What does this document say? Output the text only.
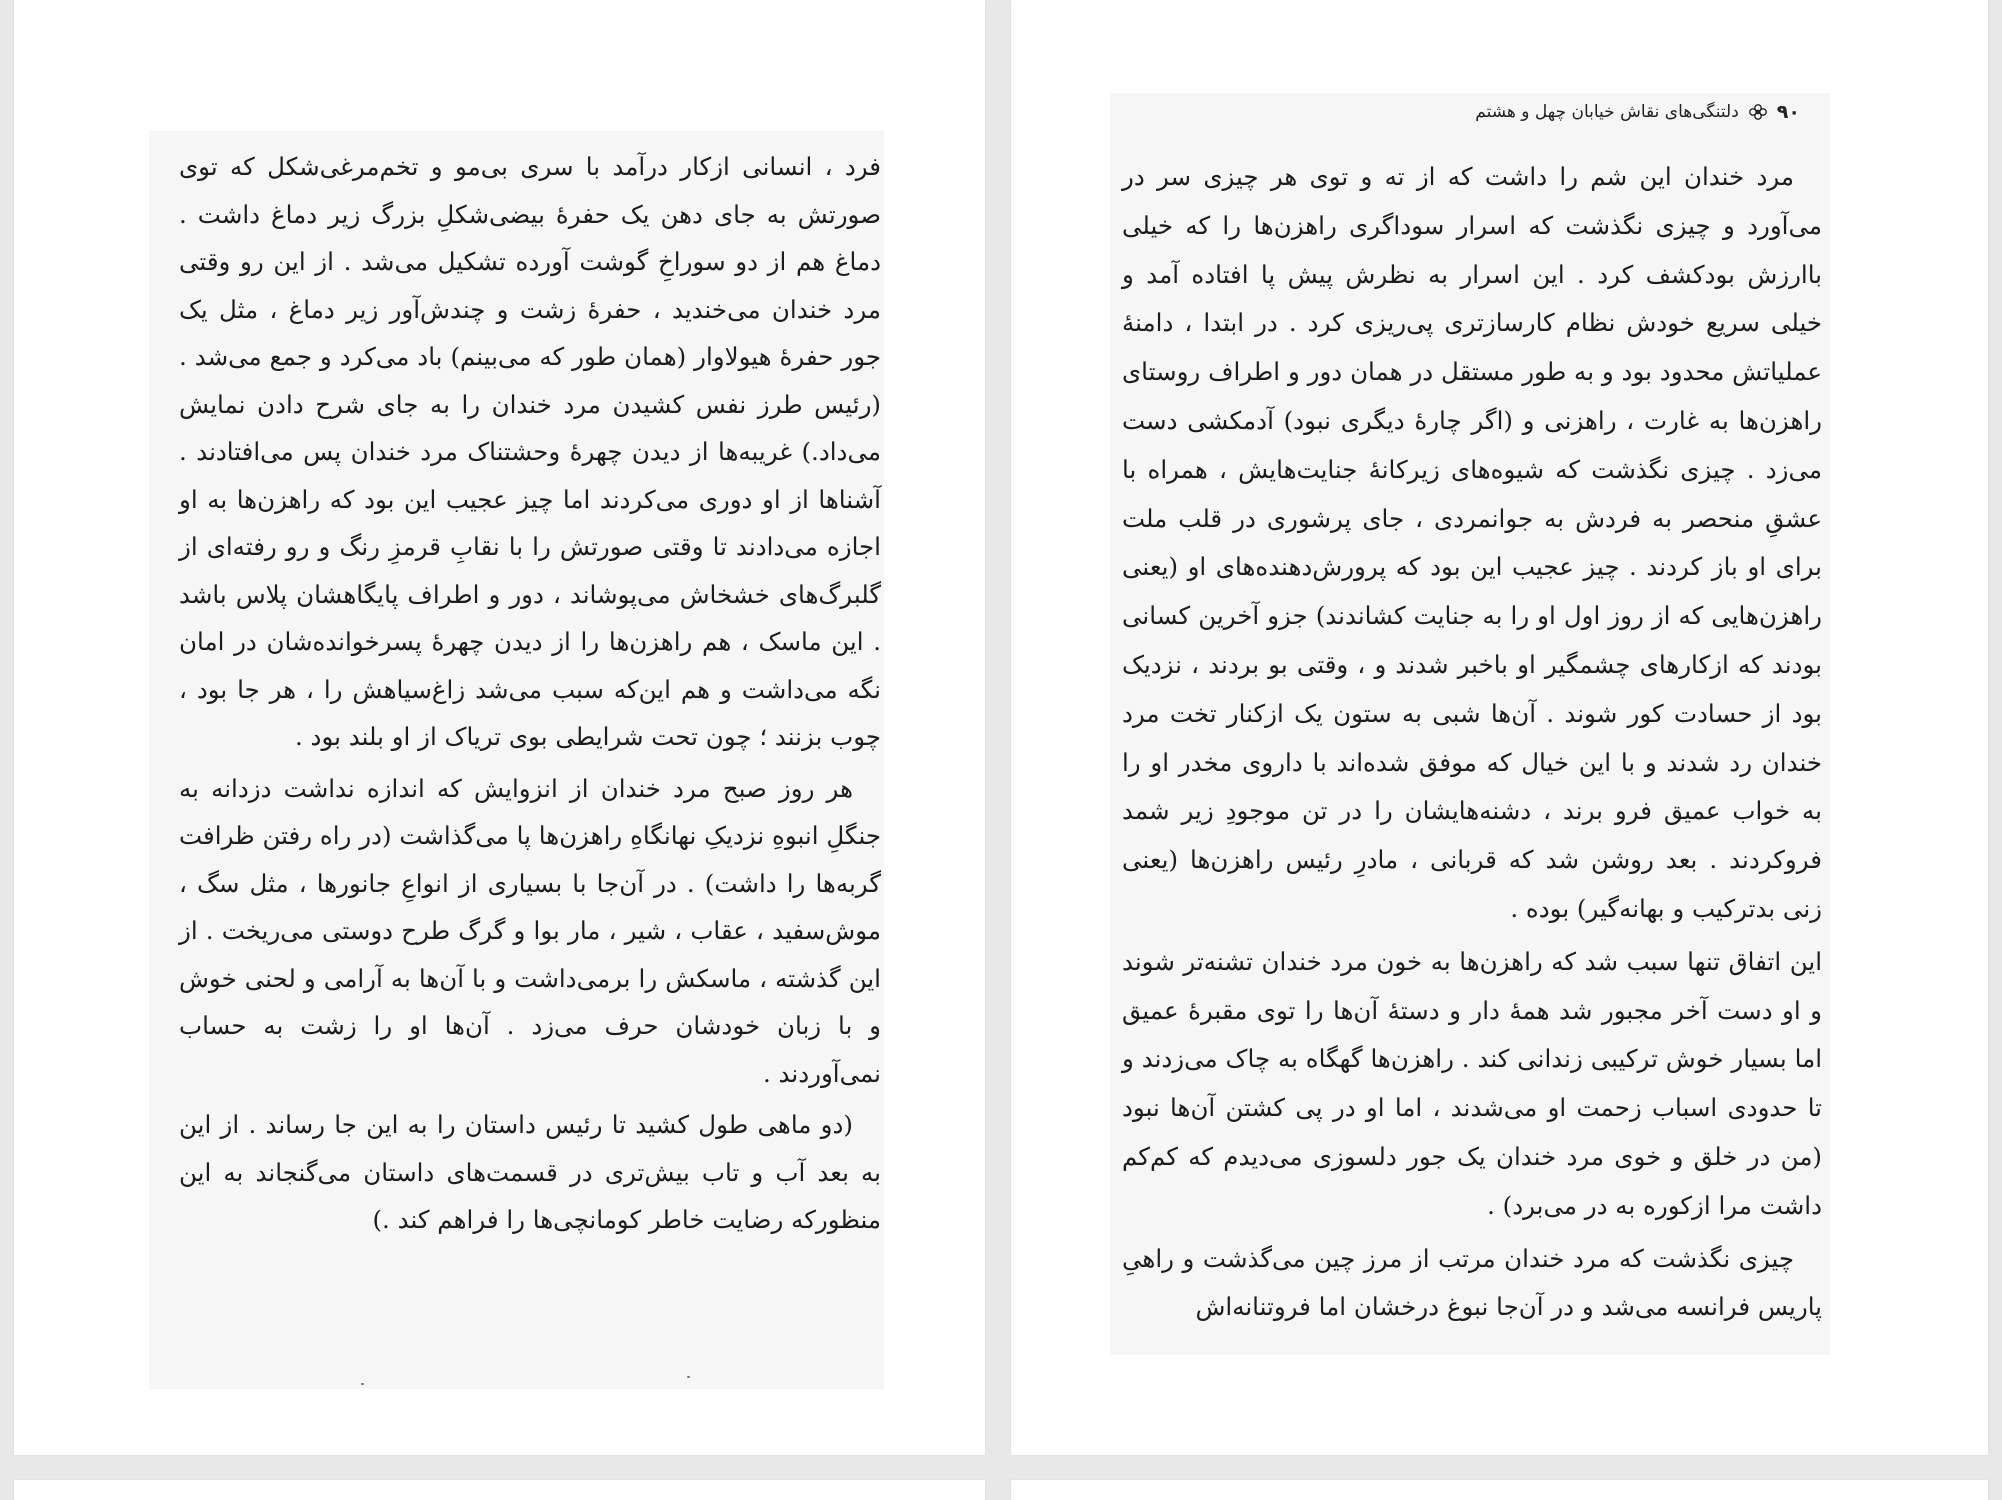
فرد ، انسانی ازکار درآمد با سری بی‌مو و تخم‌مرغی‌شکل که توی صورتش به جای دهن یک حفرهٔ بیضی‌شکلِ بزرگ زیر دماغ داشت . دماغ هم از دو سوراخِ گوشت آورده تشکیل می‌شد . از این رو وقتی مرد خندان می‌خندید ، حفرهٔ زشت و چندش‌آور زیر دماغ ، مثل یک جور حفرهٔ هیولاوار (همان طور که می‌بینم) باد می‌کرد و جمع می‌شد . (رئیس طرز نفس کشیدن مرد خندان را به جای شرح دادن نمایش می‌داد.) غریبه‌ها از دیدن چهرهٔ وحشتناک مرد خندان پس می‌افتادند . آشناها از او دوری می‌کردند اما چیز عجیب این بود که راهزن‌ها به او اجازه می‌دادند تا وقتی صورتش را با نقابِ قرمزِ رنگ و رو رفته‌ای از گلبرگ‌های خشخاش می‌پوشاند ، دور و اطراف پایگاهشان پلاس باشد . این ماسک ، هم راهزن‌ها را از دیدن چهرهٔ پسرخوانده‌شان در امان نگه می‌داشت و هم این‌که سبب می‌شد زاغ‌سیاهش را ، هر جا بود ، چوب بزنند ؛ چون تحت شرایطی بوی تریاک از او بلند بود .

هر روز صبح مرد خندان از انزوایش که اندازه نداشت دزدانه به جنگلِ انبوهِ نزدیکِ نهانگاهِ راهزن‌ها پا می‌گذاشت (در راه رفتن ظرافت گربه‌ها را داشت) . در آن‌جا با بسیاری از انواعِ جانورها ، مثل سگ ، موش‌سفید ، عقاب ، شیر ، مار بوا و گرگ طرح دوستی می‌ریخت . از این گذشته ، ماسکش را برمی‌داشت و با آن‌ها به آرامی و لحنی خوش و با زبان خودشان حرف می‌زد . آن‌ها او را زشت به حساب نمی‌آوردند .

(دو ماهی طول کشید تا رئیس داستان را به این جا رساند . از این به بعد آب و تاب بیش‌تری در قسمت‌های داستان می‌گنجاند به این منظورکه رضایت خاطر کومانچی‌ها را فراهم کند .)

۹۰
دلتنگی‌های نقاش خیابان چهل و هشتم

مرد خندان این شم را داشت که از ته و توی هر چیزی سر در می‌آورد و چیزی نگذشت که اسرار سوداگری راهزن‌ها را که خیلی باارزش بودکشف کرد . این اسرار به نظرش پیش پا افتاده آمد و خیلی سریع خودش نظام کارسازتری پی‌ریزی کرد . در ابتدا ، دامنهٔ عملیاتش محدود بود و به طور مستقل در همان دور و اطراف روستای راهزن‌ها به غارت ، راهزنی و (اگر چارهٔ دیگری نبود) آدمکشی دست می‌زد . چیزی نگذشت که شیوه‌های زیرکانهٔ جنایت‌هایش ، همراه با عشقِ منحصر به فردش به جوانمردی ، جای پرشوری در قلب ملت برای او باز کردند . چیز عجیب این بود که پرورش‌دهنده‌های او (یعنی راهزن‌هایی که از روز اول او را به جنایت کشاندند) جزو آخرین کسانی بودند که ازکارهای چشمگیر او باخبر شدند و ، وقتی بو بردند ، نزدیک بود از حسادت کور شوند . آن‌ها شبی به ستون یک ازکنار تخت مرد خندان رد شدند و با این خیال که موفق شده‌اند با داروی مخدر او را به خواب عمیق فرو برند ، دشنه‌هایشان را در تن موجودِ زیر شمد فروکردند . بعد روشن شد که قربانی ، مادرِ رئیس راهزن‌ها (یعنی زنی بدترکیب و بهانه‌گیر) بوده .

این اتفاق تنها سبب شد که راهزن‌ها به خون مرد خندان تشنه‌تر شوند و او دست آخر مجبور شد همهٔ دار و دستهٔ آن‌ها را توی مقبرهٔ عمیق اما بسیار خوش ترکیبی زندانی کند . راهزن‌ها گهگاه به چاک می‌زدند و تا حدودی اسباب زحمت او می‌شدند ، اما او در پی کشتن آن‌ها نبود (من در خلق و خوی مرد خندان یک جور دلسوزی می‌دیدم که کم‌کم داشت مرا ازکوره به در می‌برد) .

چیزی نگذشت که مرد خندان مرتب از مرز چین می‌گذشت و راهیِ پاریس فرانسه می‌شد و در آن‌جا نبوغ درخشان اما فروتنانه‌اش
